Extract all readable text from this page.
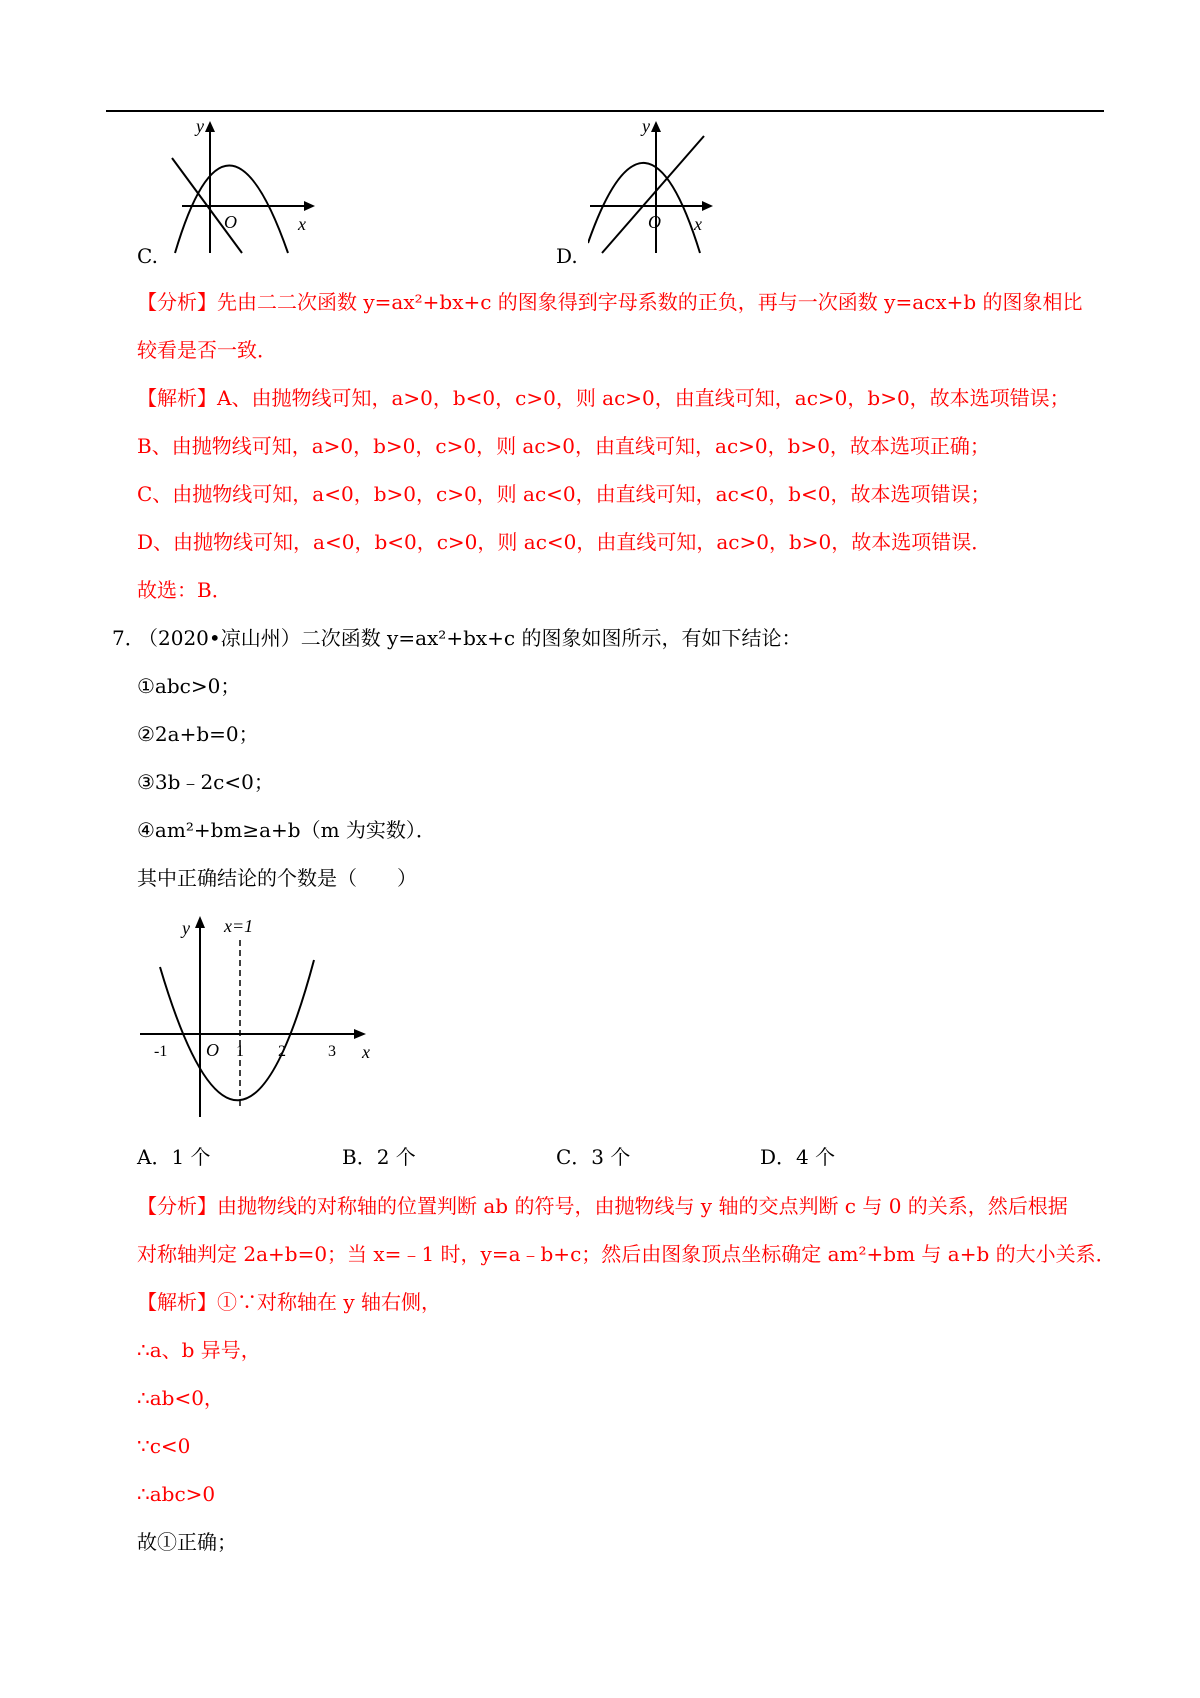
y
O	x
C.
y
O x
D.
【分析】先由二二次函数 y=ax²+bx+c 的图象得到字母系数的正负，再与一次函数 y=acx+b 的图象相比
较看是否一致．
【解析】A、由抛物线可知，a>0，b<0，c>0，则 ac>0，由直线可知，ac>0，b>0，故本选项错误；
B、由抛物线可知，a>0，b>0，c>0，则 ac>0，由直线可知，ac>0，b>0，故本选项正确；
C、由抛物线可知，a<0，b>0，c>0，则 ac<0，由直线可知，ac<0，b<0，故本选项错误；
D、由抛物线可知，a<0，b<0，c>0，则 ac<0，由直线可知，ac>0，b>0，故本选项错误．
故选：B．
7．
（2020•凉山州）二次函数 y=ax²+bx+c 的图象如图所示，有如下结论：
①abc>0；
②2a+b=0；
③3b﹣2c<0；
④am²+bm≥a+b（m 为实数）．
其中正确结论的个数是（　　）
y x=1
O
-1	1 2	3 x
A．1 个	B．2 个	C．3 个	D．4 个
【分析】由抛物线的对称轴的位置判断 ab 的符号，由抛物线与 y 轴的交点判断 c 与 0 的关系，然后根据
对称轴判定 2a+b=0；当 x=﹣1 时，y=a﹣b+c；然后由图象顶点坐标确定 am²+bm 与 a+b 的大小关系．
【解析】①∵对称轴在 y 轴右侧，
∴a、b 异号，
∴ab<0，
∵c<0
∴abc>0
故①正确；
